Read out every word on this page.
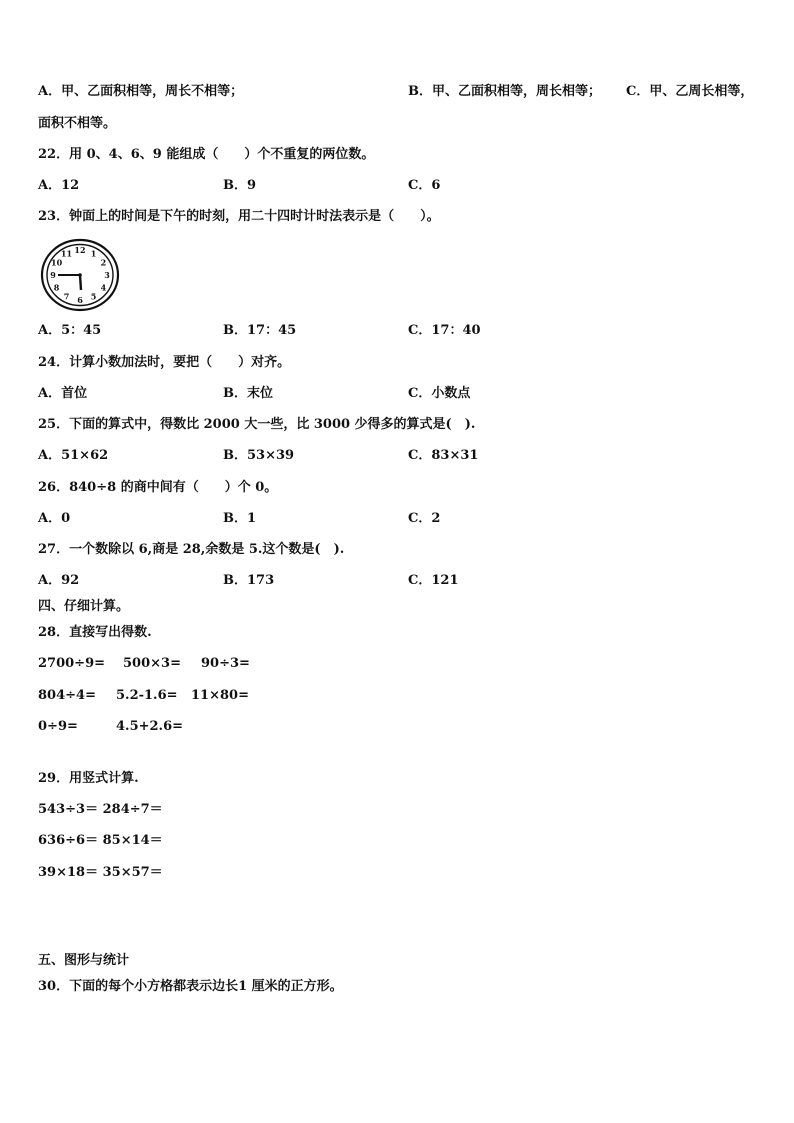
A．甲、乙面积相等，周长不相等；	B．甲、乙面积相等，周长相等； C．甲、乙周长相等，
面积不相等。
22．用 0、4、6、9 能组成（　　）个不重复的两位数。
A．12	B．9	C．6
23．钟面上的时间是下午的时刻，用二十四时计时法表示是（　　）。
12 1
2
3
4
5
6
7
8
9
10
11
A．5：45	B．17：45	C．17：40
24．计算小数加法时，要把（　　）对齐。
A．首位	B．末位	C．小数点
25．下面的算式中，得数比 2000 大一些，比 3000 少得多的算式是(　).
A．51×62	B．53×39	C．83×31
26．840÷8 的商中间有（　　）个 0。
A．0	B．1	C．2
27．一个数除以 6,商是 28,余数是 5.这个数是(　).
A．92	B．173	C．121
四、仔细计算。
28．直接写出得数.
2700÷9= 500×3= 90÷3=
804÷4= 5.2-1.6= 11×80=
0÷9=	4.5+2.6=
29．用竖式计算.
543÷3＝ 284÷7＝
636÷6＝ 85×14＝
39×18＝ 35×57＝
五、图形与统计
30．下面的每个小方格都表示边长1 厘米的正方形。
